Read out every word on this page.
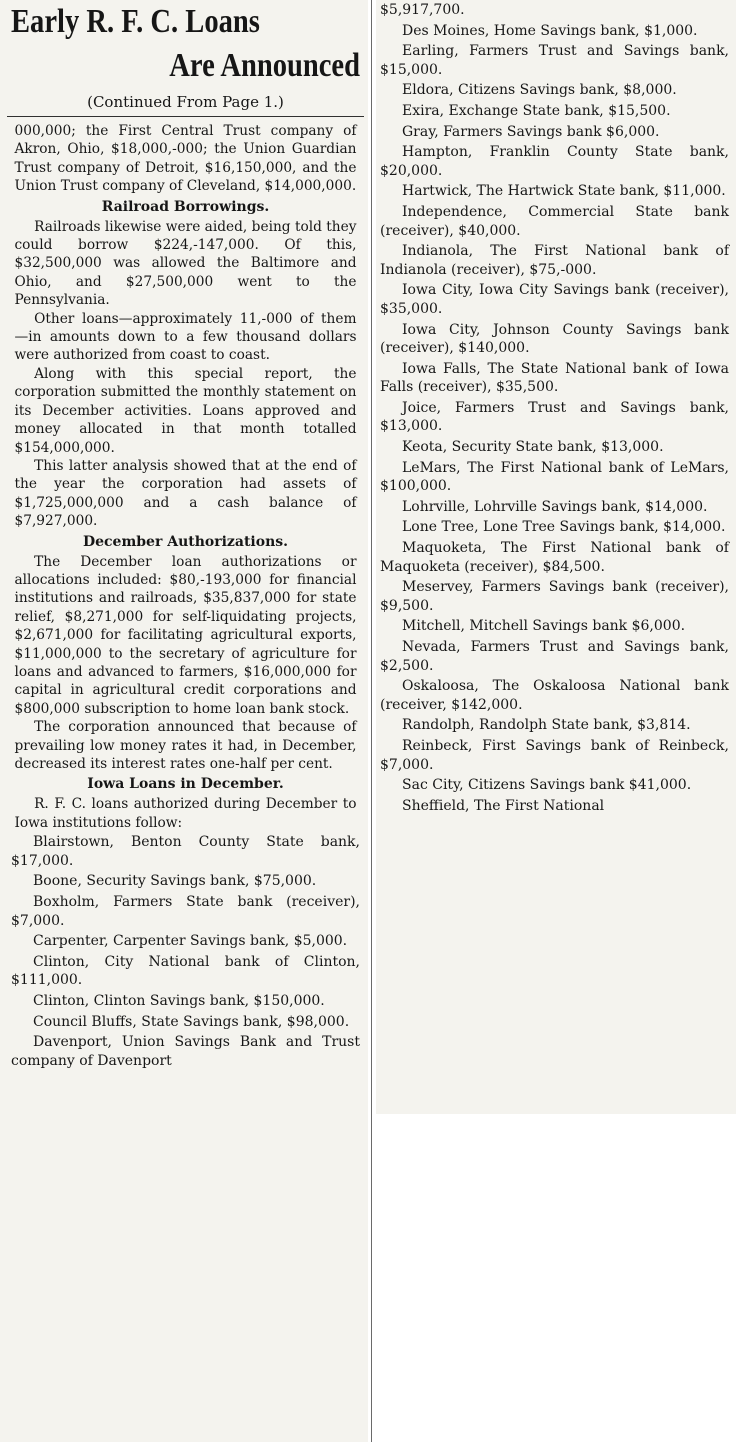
Early R. F. C. Loans
Are Announced
(Continued From Page 1.)

000,000; the First Central Trust company of Akron, Ohio, $18,000,-000; the Union Guardian Trust company of Detroit, $16,150,000, and the Union Trust company of Cleveland, $14,000,000.

Railroad Borrowings.

Railroads likewise were aided, being told they could borrow $224,-147,000. Of this, $32,500,000 was allowed the Baltimore and Ohio, and $27,500,000 went to the Pennsylvania.

Other loans—approximately 11,-000 of them—in amounts down to a few thousand dollars were authorized from coast to coast.

Along with this special report, the corporation submitted the monthly statement on its December activities. Loans approved and money allocated in that month totalled $154,000,000.

This latter analysis showed that at the end of the year the corporation had assets of $1,725,000,000 and a cash balance of $7,927,000.

December Authorizations.

The December loan authorizations or allocations included: $80,-193,000 for financial institutions and railroads, $35,837,000 for state relief, $8,271,000 for self-liquidating projects, $2,671,000 for facilitating agricultural exports, $11,000,000 to the secretary of agriculture for loans and advanced to farmers, $16,000,000 for capital in agricultural credit corporations and $800,000 subscription to home loan bank stock.

The corporation announced that because of prevailing low money rates it had, in December, decreased its interest rates one-half per cent.

Iowa Loans in December.

R. F. C. loans authorized during December to Iowa institutions follow:

Blairstown, Benton County State bank, $17,000.

Boone, Security Savings bank, $75,000.

Boxholm, Farmers State bank (receiver), $7,000.

Carpenter, Carpenter Savings bank, $5,000.

Clinton, City National bank of Clinton, $111,000.

Clinton, Clinton Savings bank, $150,000.

Council Bluffs, State Savings bank, $98,000.

Davenport, Union Savings Bank and Trust company of Davenport

$5,917,700.

Des Moines, Home Savings bank, $1,000.

Earling, Farmers Trust and Savings bank, $15,000.

Eldora, Citizens Savings bank, $8,000.

Exira, Exchange State bank, $15,500.

Gray, Farmers Savings bank $6,000.

Hampton, Franklin County State bank, $20,000.

Hartwick, The Hartwick State bank, $11,000.

Independence, Commercial State bank (receiver), $40,000.

Indianola, The First National bank of Indianola (receiver), $75,-000.

Iowa City, Iowa City Savings bank (receiver), $35,000.

Iowa City, Johnson County Savings bank (receiver), $140,000.

Iowa Falls, The State National bank of Iowa Falls (receiver), $35,500.

Joice, Farmers Trust and Savings bank, $13,000.

Keota, Security State bank, $13,000.

LeMars, The First National bank of LeMars, $100,000.

Lohrville, Lohrville Savings bank, $14,000.

Lone Tree, Lone Tree Savings bank, $14,000.

Maquoketa, The First National bank of Maquoketa (receiver), $84,500.

Meservey, Farmers Savings bank (receiver), $9,500.

Mitchell, Mitchell Savings bank $6,000.

Nevada, Farmers Trust and Savings bank, $2,500.

Oskaloosa, The Oskaloosa National bank (receiver, $142,000.

Randolph, Randolph State bank, $3,814.

Reinbeck, First Savings bank of Reinbeck, $7,000.

Sac City, Citizens Savings bank $41,000.

Sheffield, The First National
